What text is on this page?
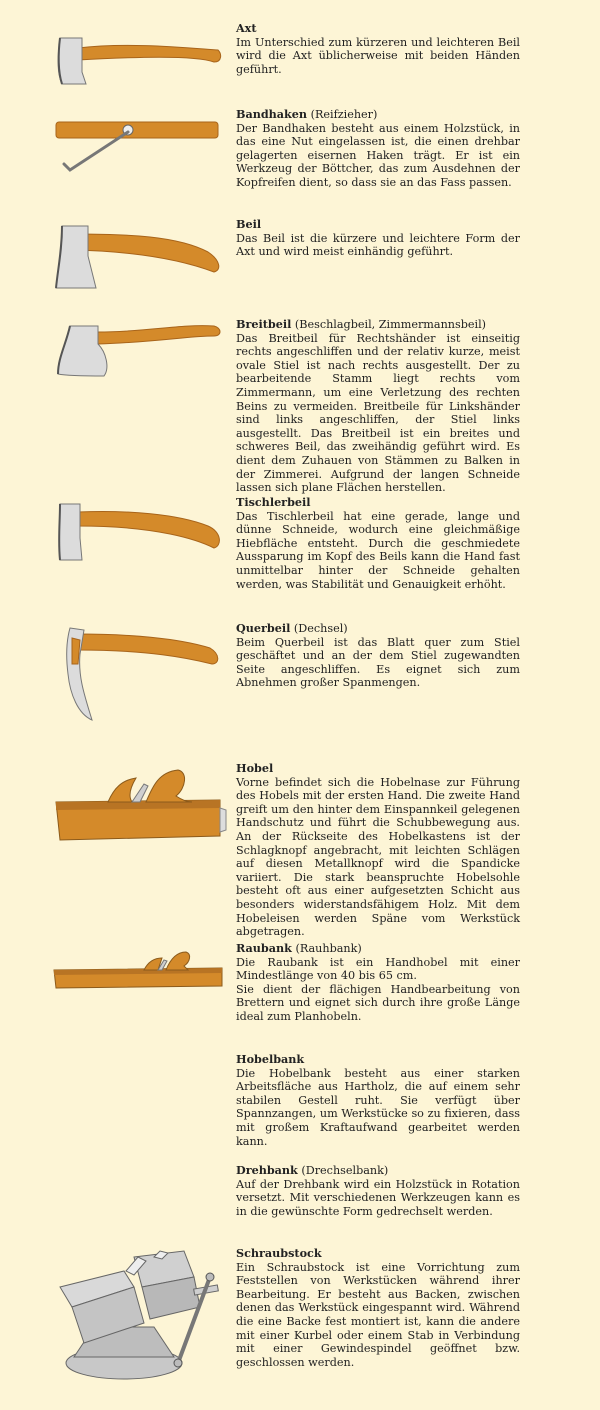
Axt
Im Unterschied zum kürzeren und leichteren Beil wird die Axt üblicherweise mit beiden Händen geführt.
Bandhaken (Reifzieher)
Der Bandhaken besteht aus einem Holzstück, in das eine Nut eingelassen ist, die einen drehbar gelagerten eisernen Haken trägt. Er ist ein Werkzeug der Böttcher, das zum Ausdehnen der Kopfreifen dient, so dass sie an das Fass passen.
Beil
Das Beil ist die kürzere und leichtere Form der Axt und wird meist einhändig geführt.
Breitbeil (Beschlagbeil, Zimmermannsbeil)
Das Breitbeil für Rechtshänder ist einseitig rechts angeschliffen und der relativ kurze, meist ovale Stiel ist nach rechts ausgestellt. Der zu bearbeitende Stamm liegt rechts vom Zimmermann, um eine Verletzung des rechten Beins zu vermeiden. Breitbeile für Linkshänder sind links angeschliffen, der Stiel links ausgestellt. Das Breitbeil ist ein breites und schweres Beil, das zweihändig geführt wird. Es dient dem Zuhauen von Stämmen zu Balken in der Zimmerei. Aufgrund der langen Schneide lassen sich plane Flächen herstellen.
Tischlerbeil
Das Tischlerbeil hat eine gerade, lange und dünne Schneide, wodurch eine gleichmäßige Hiebfläche entsteht. Durch die geschmiedete Aussparung im Kopf des Beils kann die Hand fast unmittelbar hinter der Schneide gehalten werden, was Stabilität und Genauigkeit erhöht.
Querbeil (Dechsel)
Beim Querbeil ist das Blatt quer zum Stiel geschäftet und an der dem Stiel zugewandten Seite angeschliffen. Es eignet sich zum Abnehmen großer Spanmengen.
Hobel
Vorne befindet sich die Hobelnase zur Führung des Hobels mit der ersten Hand. Die zweite Hand greift um den hinter dem Einspannkeil gelegenen Handschutz und führt die Schubbewegung aus. An der Rückseite des Hobelkastens ist der Schlagknopf angebracht, mit leichten Schlägen auf diesen Metallknopf wird die Spandicke variiert. Die stark beanspruchte Hobelsohle besteht oft aus einer aufgesetzten Schicht aus besonders widerstandsfähigem Holz. Mit dem Hobeleisen werden Späne vom Werkstück abgetragen.
Raubank (Rauhbank)
Die Raubank ist ein Handhobel mit einer Mindestlänge von 40 bis 65 cm.
Sie dient der flächigen Handbearbeitung von Brettern und eignet sich durch ihre große Länge ideal zum Planhobeln.
Hobelbank
Die Hobelbank besteht aus einer starken Arbeitsfläche aus Hartholz, die auf einem sehr stabilen Gestell ruht. Sie verfügt über Spannzangen, um Werkstücke so zu fixieren, dass mit großem Kraftaufwand gearbeitet werden kann.
Drehbank (Drechselbank)
Auf der Drehbank wird ein Holzstück in Rotation versetzt. Mit verschiedenen Werkzeugen kann es in die gewünschte Form gedrechselt werden.
Schraubstock
Ein Schraubstock ist eine Vorrichtung zum Feststellen von Werkstücken während ihrer Bearbeitung. Er besteht aus Backen, zwischen denen das Werkstück eingespannt wird. Während die eine Backe fest montiert ist, kann die andere mit einer Kurbel oder einem Stab in Verbindung mit einer Gewindespindel geöffnet bzw. geschlossen werden.
